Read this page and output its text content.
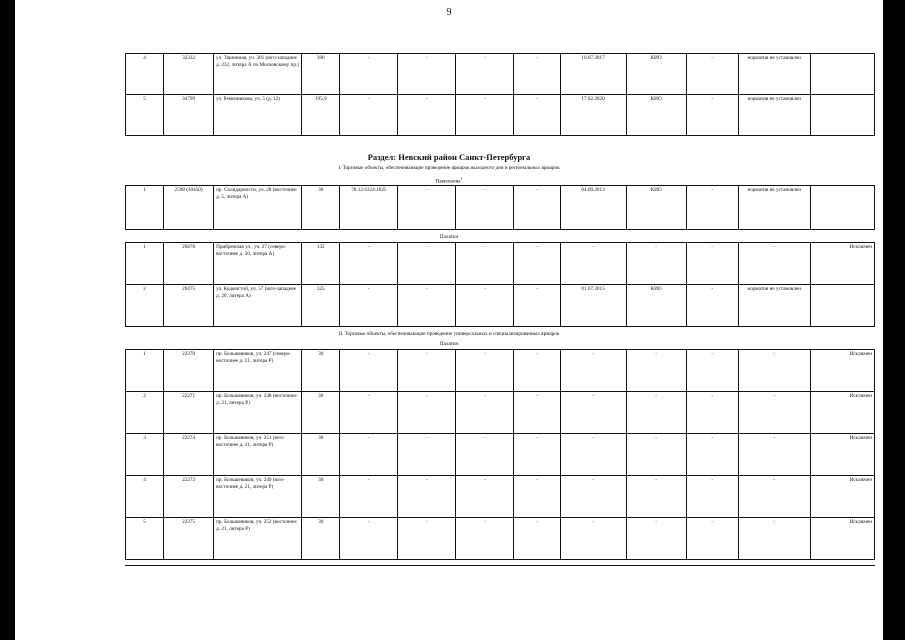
9
4	32332	ул. Тяшинная, уч. 301 (юго-западнее д. 232, литера А по Московскому пр.)	300	-	-	-	-	10.07.2017	КИО	-	норматив не установлен	
5	34799	ул. Ремизникова, уч. 5 (д. 12)	195,9	-	-	-	-	17.02.2020	КИО	-	норматив не установлен	
Раздел: Невский район Санкт-Петербурга
I. Торговые объекты, обеспечивающие проведение ярмарок выходного дня и региональных ярмарок
Павильоны$^1$
1	2598 (30450)	пр. Солидарности, уч. 28 (восточнее д. 5, литера А)	30	78:12:6324:1025	-	-	-	04.09.2013	КИО	-	норматив не установлен	
Палатки
1	20478	Прибрежная ул., уч. 27 (северо-восточнее д. 20, литера А)	132	-	-	-	-	-	-	-	-	Исключен
2	20475	ул. Кодынгтой, уч. 57 (юго-западнее д. 20, литера А)	325	-	-	-	-	01.07.2015	КИО	-	норматив не установлен	
II. Торговые объекты, обеспечивающие проведение универсальных и специализированных ярмарок
Палатки
1	22270	пр. Большевиков, уч. 247 (северо-восточнее д. 21, литера Р)	30	-	-	-	-	-	-	-	-	Исключен
2	22271	пр. Большевиков, уч. 248 (восточнее д. 21, литера Р)	30	-	-	-	-	-	-	-	-	Исключен
3	22274	пр. Большевиков, уч. 251 (юго-восточнее д. 21, литера Р)	30	-	-	-	-	-	-	-	-	Исключен
4	22272	пр. Большевиков, уч. 249 (юго-восточнее д. 21, литера Р)	30	-	-	-	-	-	-	-	-	Исключен
5	22275	пр. Большевиков, уч. 252 (восточнее д. 21, литера Р)	30	-	-	-	-	-	-	-	-	Исключен
